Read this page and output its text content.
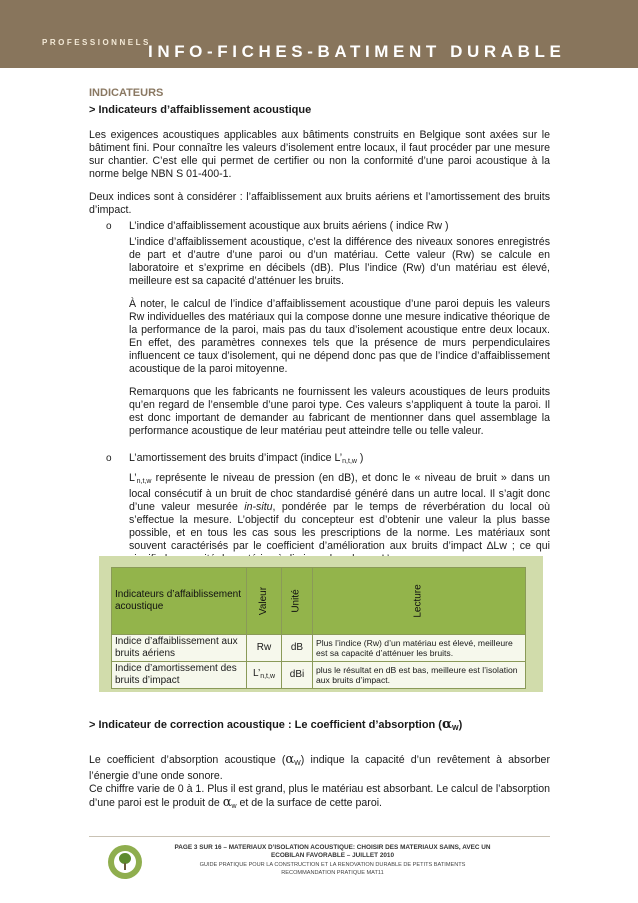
PROFESSIONNELS
INFO-FICHES-BATIMENT DURABLE
INDICATEURS
> Indicateurs d’affaiblissement acoustique

Les exigences acoustiques applicables aux bâtiments construits en Belgique sont axées sur le bâtiment fini. Pour connaître les valeurs d’isolement entre locaux, il faut procéder par une mesure sur chantier. C’est elle qui permet de certifier ou non la conformité d’une paroi acoustique à la norme belge NBN S 01-400-1.

Deux indices sont à considérer : l’affaiblissement aux bruits aériens et l’amortissement des bruits d’impact.

o L’indice d’affaiblissement acoustique aux bruits aériens ( indice Rw )

L’indice d’affaiblissement acoustique, c’est la différence des niveaux sonores enregistrés de part et d’autre d’une paroi ou d’un matériau. Cette valeur (Rw) se calcule en laboratoire et s’exprime en décibels (dB). Plus l’indice (Rw) d’un matériau est élevé, meilleure est sa capacité d’atténuer les bruits.

À noter, le calcul de l’indice d’affaiblissement acoustique d’une paroi depuis les valeurs Rw individuelles des matériaux qui la compose donne une mesure indicative théorique de la performance de la paroi, mais pas du taux d’isolement acoustique entre deux locaux. En effet, des paramètres connexes tels que la présence de murs perpendiculaires influencent ce taux d’isolement, qui ne dépend donc pas que de l’indice d’affaiblissement acoustique de la paroi mitoyenne.

Remarquons que les fabricants ne fournissent les valeurs acoustiques de leurs produits qu’en regard de l’ensemble d’une paroi type. Ces valeurs s’appliquent à toute la paroi. Il est donc important de demander au fabricant de mentionner dans quel assemblage la performance acoustique de leur matériau peut atteindre telle ou telle valeur.

o L’amortissement des bruits d’impact (indice $L’_{n,t,w}$ )

$L’_{n,t,w}$ représente le niveau de pression (en dB), et donc le « niveau de bruit » dans un local consécutif à un bruit de choc standardisé généré dans un autre local. Il s’agit donc d’une valeur mesurée in-situ, pondérée par le temps de réverbération du local où s’effectue la mesure. L’objectif du concepteur est d’obtenir une valeur la plus basse possible, et en tous les cas sous les prescriptions de la norme. Les matériaux sont souvent caractérisés par le coefficient d’amélioration aux bruits d’impact ∆Lw ; ce qui

Indicateurs d’affaiblissement acoustique	Valeur	Unité	Lecture
Indice d’affaiblissement aux bruits aériens	Rw	dB	Plus l’indice (Rw) d’un matériau est élevé, meilleure est sa capacité d’atténuer les bruits.
Indice d’amortissement des bruits d’impact	$L’_{n,t,w}$	dBi	plus le résultat en dB est bas, meilleure est l’isolation aux bruits d’impact.
> Indicateur de correction acoustique : Le coefficient d’absorption $(\alpha_W)$

Le coefficient d’absorption acoustique $(\alpha_W)$ indique la capacité d’un revêtement à absorber l’énergie d’une onde sonore.

Ce chiffre varie de 0 à 1. Plus il est grand, plus le matériau est absorbant. Le calcul de l’absorption d’une paroi est le produit de $\alpha_w$ et de la surface de cette paroi.

PAGE 3 SUR 16 – MATERIAUX D’ISOLATION ACOUSTIQUE: CHOISIR DES MATERIAUX SAINS, AVEC UN ECOBILAN FAVORABLE – JUILLET 2010
GUIDE PRATIQUE POUR LA CONSTRUCTION ET LA RENOVATION DURABLE DE PETITS BATIMENTS
RECOMMANDATION PRATIQUE MAT11
